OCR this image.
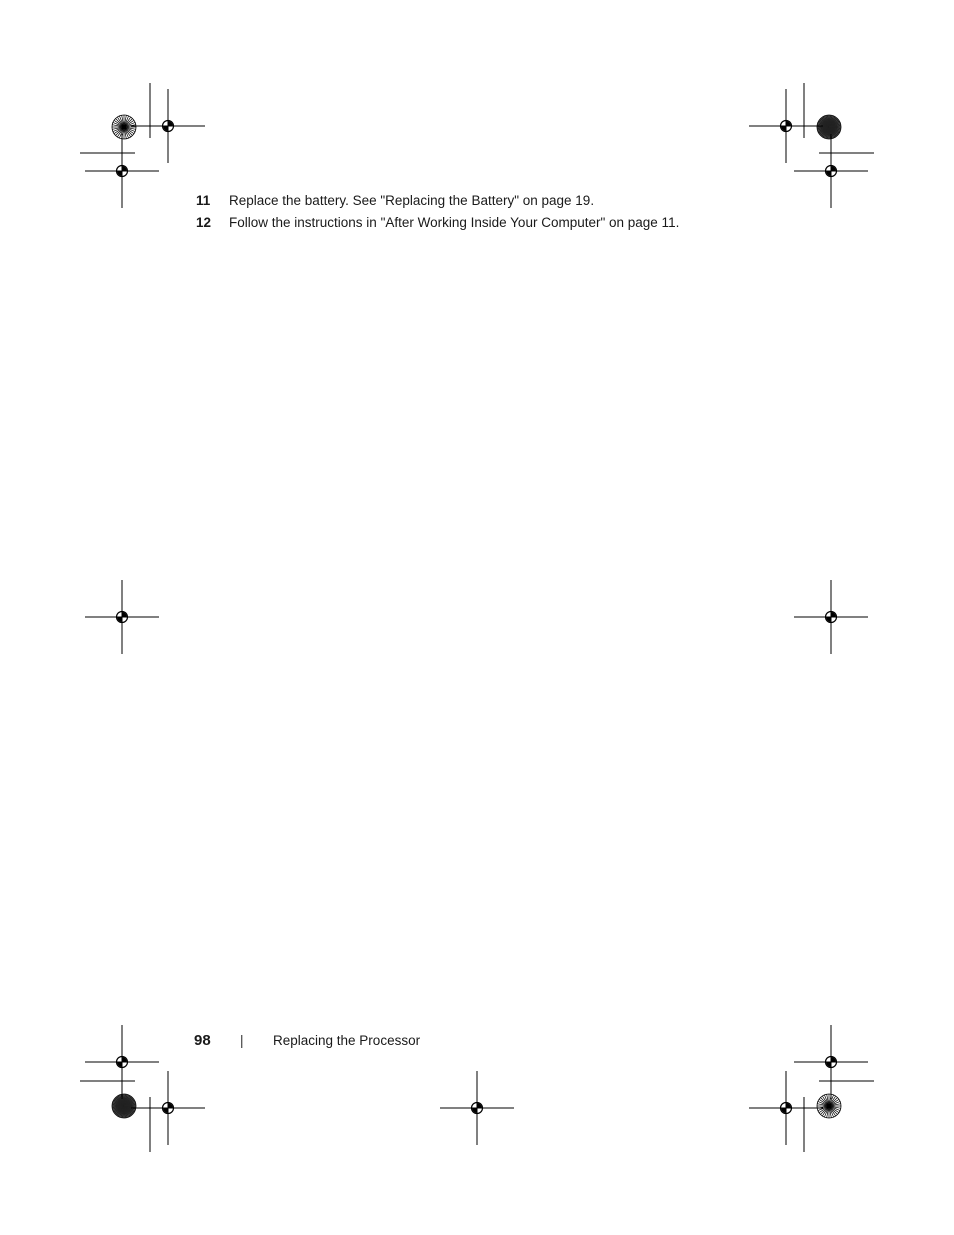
11 Replace the battery. See "Replacing the Battery" on page 19.
12 Follow the instructions in "After Working Inside Your Computer" on page 11.
98 | Replacing the Processor
